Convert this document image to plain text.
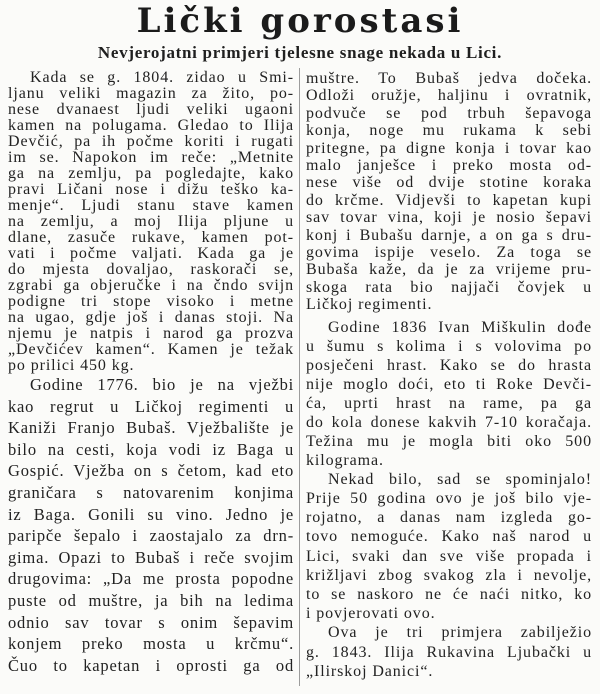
Lički gorostasi
Nevjerojatni primjeri tjelesne snage nekada u Lici.
Kada se g. 1804. zidao u Smi-
ljanu veliki magazin za žito, po-
nese dvanaest ljudi veliki ugaoni
kamen na polugama. Gledao to Ilija
Devčić, pa ih počme koriti i rugati
im se. Napokon im reče: „Metnite
ga na zemlju, pa pogledajte, kako
pravi Ličani nose i dižu teško ka-
menje“. Ljudi stanu stave kamen
na zemlju, a moj Ilija pljune u
dlane, zasuče rukave, kamen pot-
vati i počme valjati. Kada ga je
do mjesta dovaljao, raskorači se,
zgrabi ga objeručke i na čndo svijn
podigne tri stope visoko i metne
na ugao, gdje još i danas stoji. Na
njemu je natpis i narod ga prozva
„Devčićev kamen“. Kamen je težak
po prilici 450 kg.
Godine 1776. bio je na vježbi
kao regrut u Ličkoj regimenti u
Kaniži Franjo Bubaš. Vježbalište je
bilo na cesti, koja vodi iz Baga u
Gospić. Vježba on s četom, kad eto
graničara s natovarenim konjima
iz Baga. Gonili su vino. Jedno je
paripče šepalo i zaostajalo za drn-
gima. Opazi to Bubaš i reče svojim
drugovima: „Da me prosta popodne
puste od muštre, ja bih na ledima
odnio sav tovar s onim šepavim
konjem preko mosta u krčmu“.
Čuo to kapetan i oprosti ga od
muštre. To Bubaš jedva dočeka.
Odloži oružje, haljinu i ovratnik,
podvuče se pod trbuh šepavoga
konja, noge mu rukama k sebi
pritegne, pa digne konja i tovar kao
malo janješce i preko mosta od-
nese više od dvije stotine koraka
do krčme. Vidjevši to kapetan kupi
sav tovar vina, koji je nosio šepavi
konj i Bubašu darnje, a on ga s dru-
govima ispije veselo. Za toga se
Bubaša kaže, da je za vrijeme pru-
skoga rata bio najjači čovjek u
Ličkoj regimenti.
Godine 1836 Ivan Miškulin dođe
u šumu s kolima i s volovima po
posječeni hrast. Kako se do hrasta
nije moglo doći, eto ti Roke Devči-
ća, uprti hrast na rame, pa ga
do kola donese kakvih 7-10 koračaja.
Težina mu je mogla biti oko 500
kilograma.
Nekad bilo, sad se spominjalo!
Prije 50 godina ovo je još bilo vje-
rojatno, a danas nam izgleda go-
tovo nemoguće. Kako naš narod u
Lici, svaki dan sve više propada i
križljavi zbog svakog zla i nevolje,
to se naskoro ne će naći nitko, ko
i povjerovati ovo.
Ova je tri primjera zabilježio
g. 1843. Ilija Rukavina Ljubački u
„Ilirskoj Danici“.
